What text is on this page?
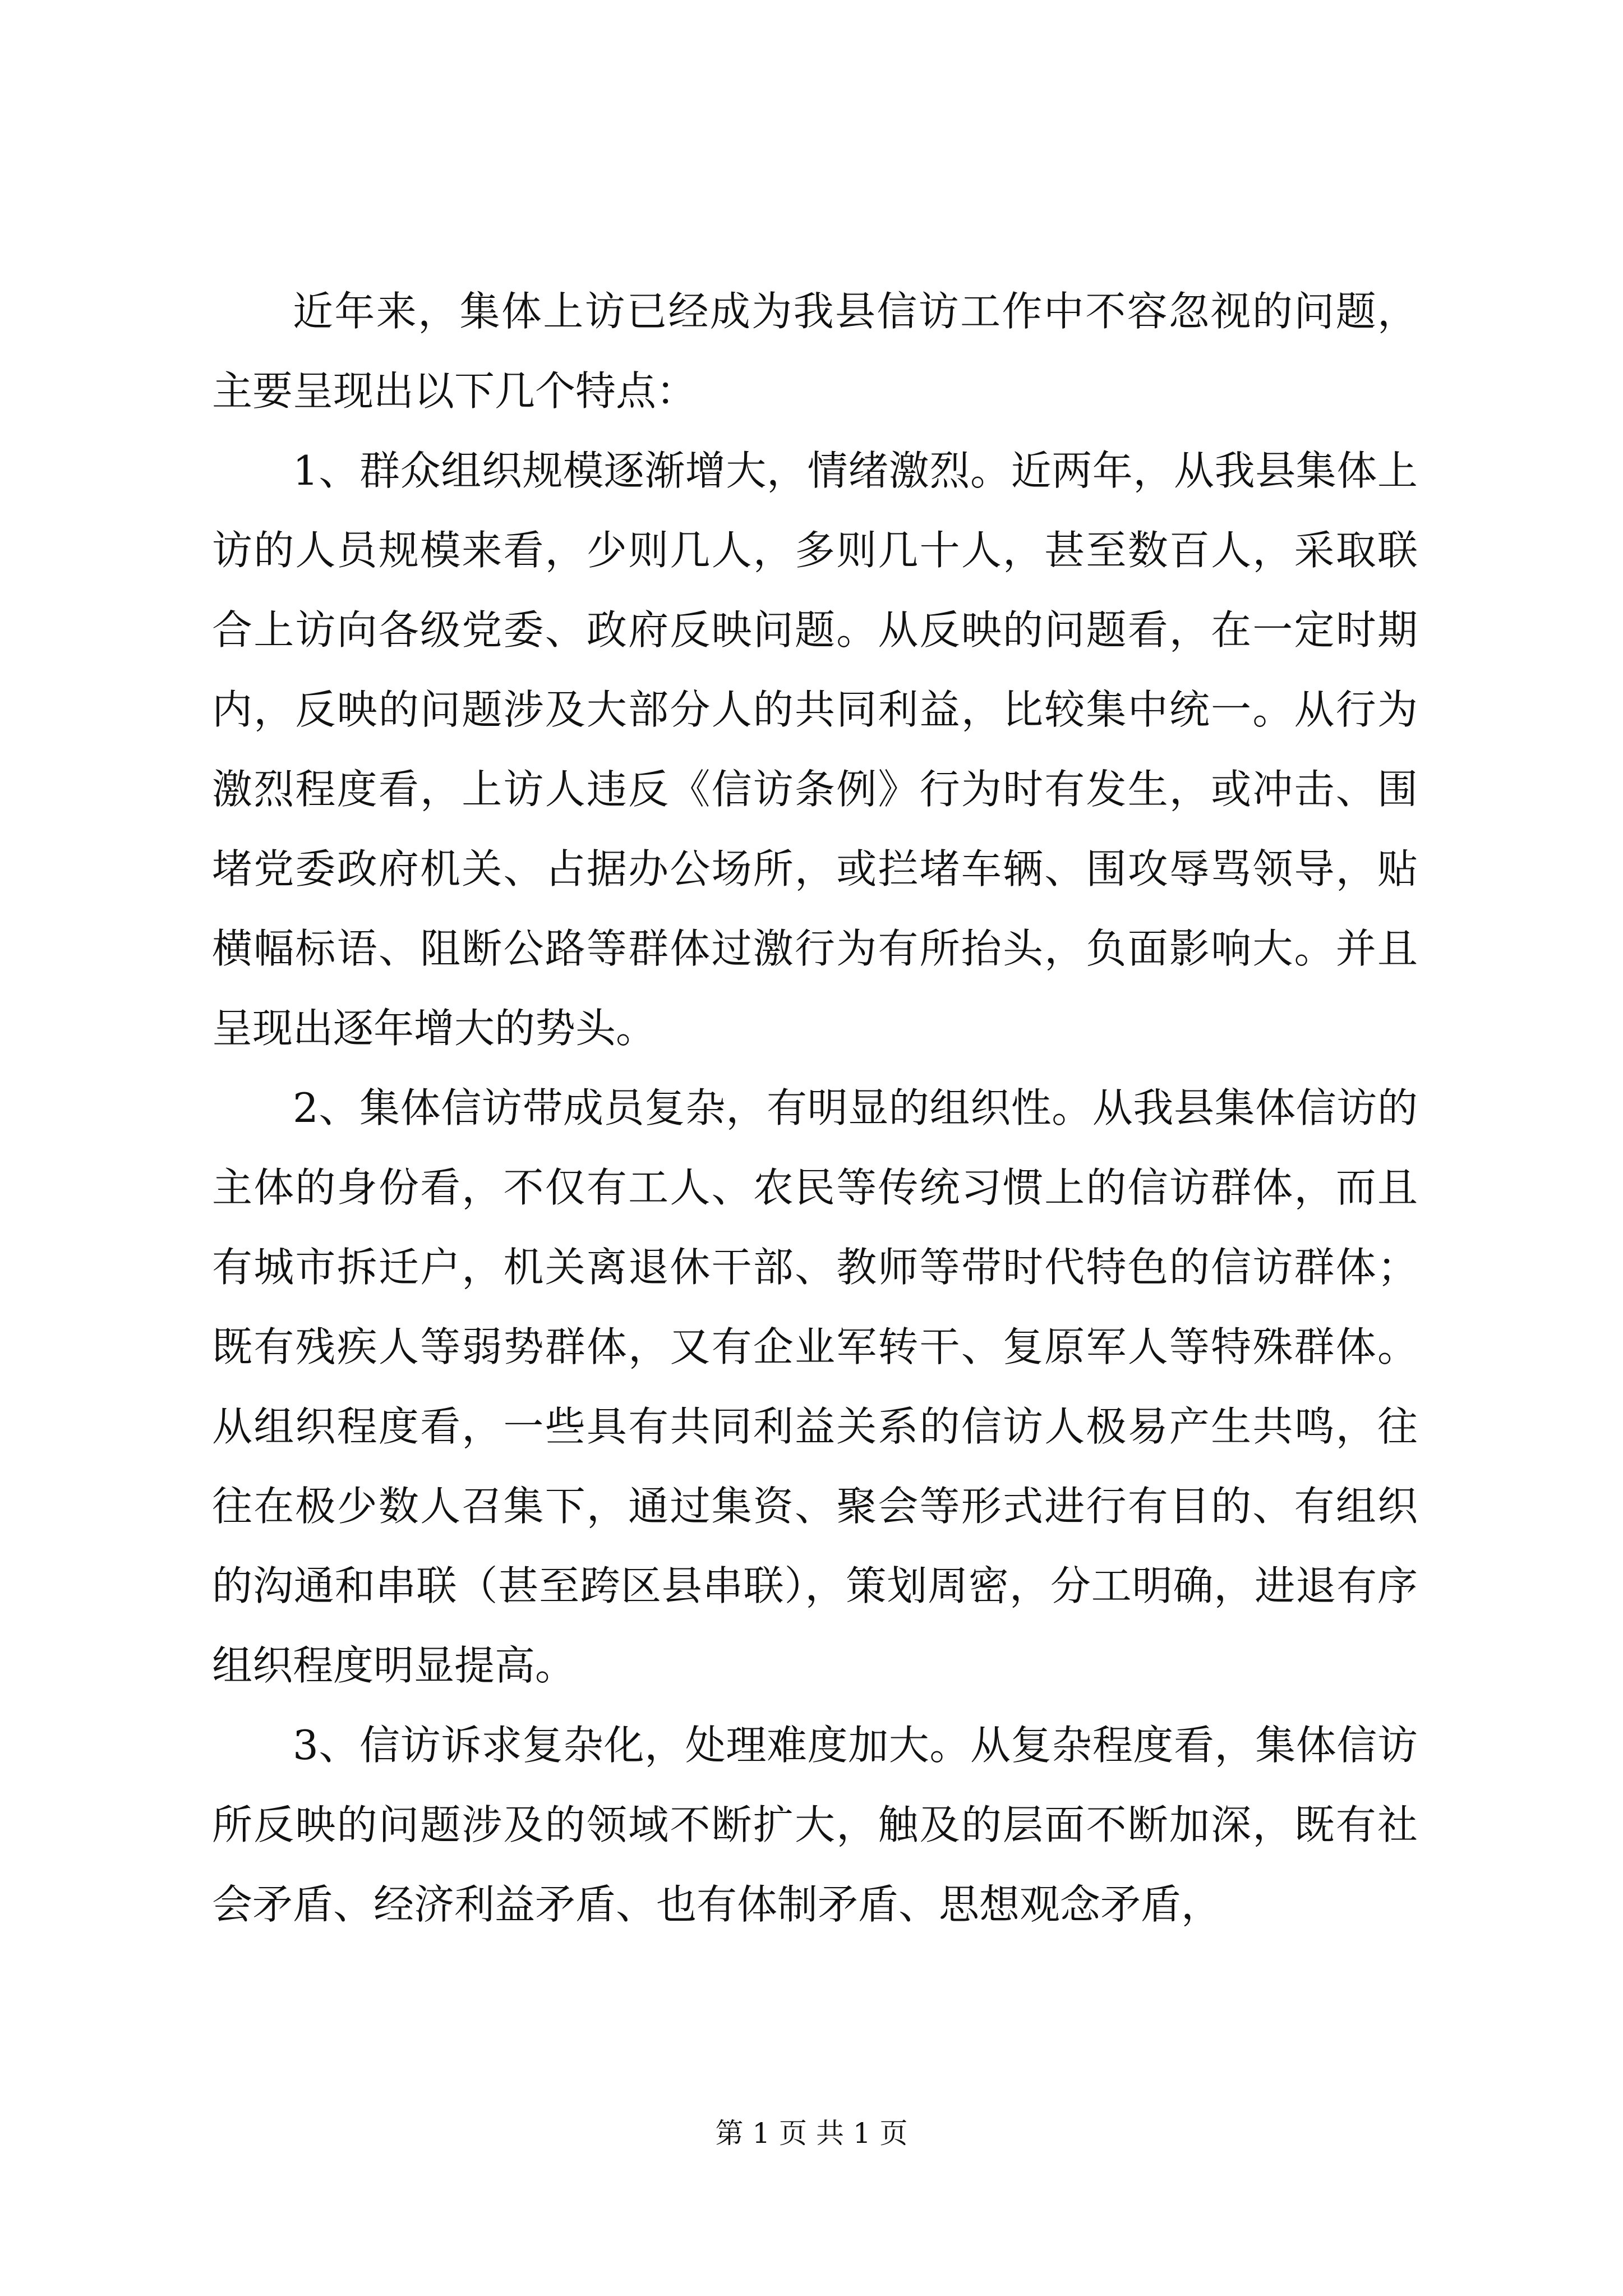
近年来，集体上访已经成为我县信访工作中不容忽视的问题，主要呈现出以下几个特点：

1、群众组织规模逐渐增大，情绪激烈。近两年，从我县集体上访的人员规模来看，少则几人，多则几十人，甚至数百人，采取联合上访向各级党委、政府反映问题。从反映的问题看，在一定时期内，反映的问题涉及大部分人的共同利益，比较集中统一。从行为激烈程度看，上访人违反《信访条例》行为时有发生，或冲击、围堵党委政府机关、占据办公场所，或拦堵车辆、围攻辱骂领导，贴横幅标语、阻断公路等群体过激行为有所抬头，负面影响大。并且呈现出逐年增大的势头。

2、集体信访带成员复杂，有明显的组织性。从我县集体信访的主体的身份看，不仅有工人、农民等传统习惯上的信访群体，而且有城市拆迁户，机关离退休干部、教师等带时代特色的信访群体；既有残疾人等弱势群体，又有企业军转干、复原军人等特殊群体。从组织程度看，一些具有共同利益关系的信访人极易产生共鸣，往往在极少数人召集下，通过集资、聚会等形式进行有目的、有组织的沟通和串联（甚至跨区县串联），策划周密，分工明确，进退有序组织程度明显提高。

3、信访诉求复杂化，处理难度加大。从复杂程度看，集体信访所反映的问题涉及的领域不断扩大，触及的层面不断加深，既有社会矛盾、经济利益矛盾、也有体制矛盾、思想观念矛盾，

第 1 页 共 1 页
